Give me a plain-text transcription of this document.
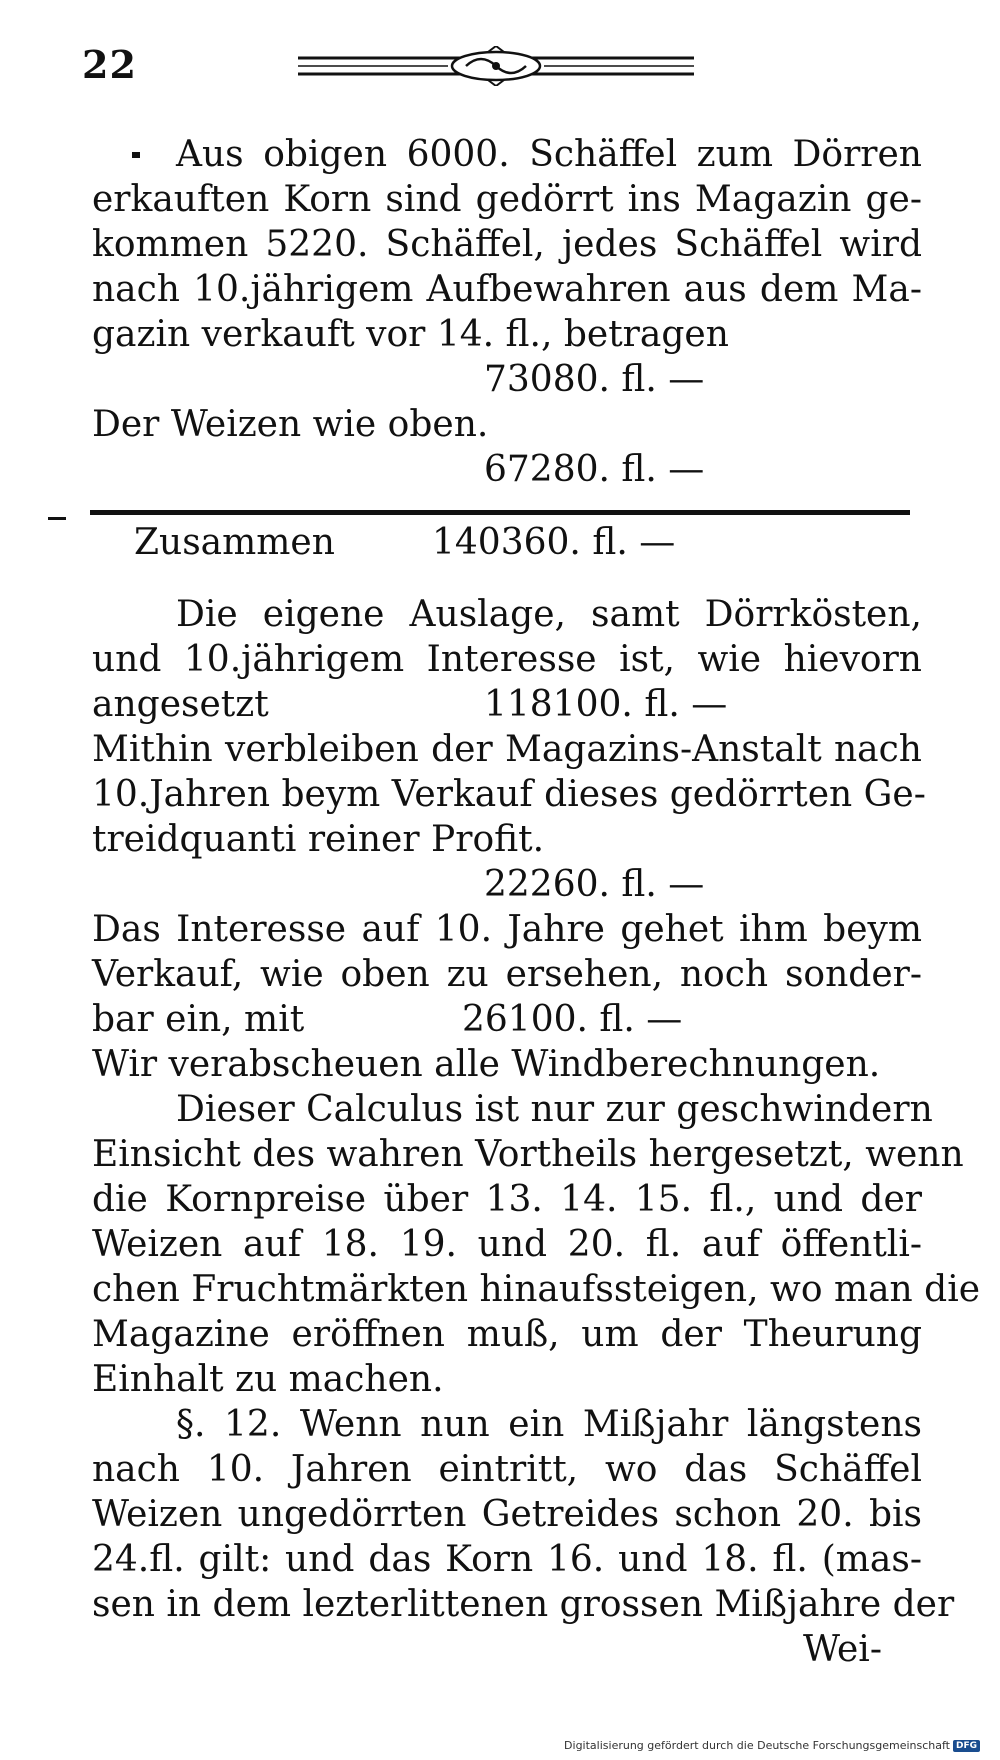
22
Aus obigen 6000. Schäffel zum Dörren
erkauften Korn sind gedörrt ins Magazin ge-
kommen 5220. Schäffel, jedes Schäffel wird
nach 10.jährigem Aufbewahren aus dem Ma-
gazin verkauft vor 14. fl., betragen
73080. fl. —
Der Weizen wie oben.
67280. fl. —
Zusammen	140360. fl. —
Die eigene Auslage, samt Dörrkösten,
und 10.jährigem Interesse ist, wie hievorn
angesetzt	118100. fl. —
Mithin verbleiben der Magazins-Anstalt nach
10.Jahren beym Verkauf dieses gedörrten Ge-
treidquanti reiner Profit.
22260. fl. —
Das Interesse auf 10. Jahre gehet ihm beym
Verkauf, wie oben zu ersehen, noch sonder-
bar ein, mit	26100. fl. —
Wir verabscheuen alle Windberechnungen.
Dieser Calculus ist nur zur geschwindern
Einsicht des wahren Vortheils hergesetzt, wenn
die Kornpreise über 13. 14. 15. fl., und der
Weizen auf 18. 19. und 20. fl. auf öffentli-
chen Fruchtmärkten hinaufssteigen, wo man die
Magazine eröffnen muß, um der Theurung
Einhalt zu machen.
§. 12. Wenn nun ein Mißjahr längstens
nach 10. Jahren eintritt, wo das Schäffel
Weizen ungedörrten Getreides schon 20. bis
24.fl. gilt: und das Korn 16. und 18. fl. (mas-
sen in dem lezterlittenen grossen Mißjahre der
Wei-
Digitalisierung gefördert durch die Deutsche Forschungsgemeinschaft DFG
